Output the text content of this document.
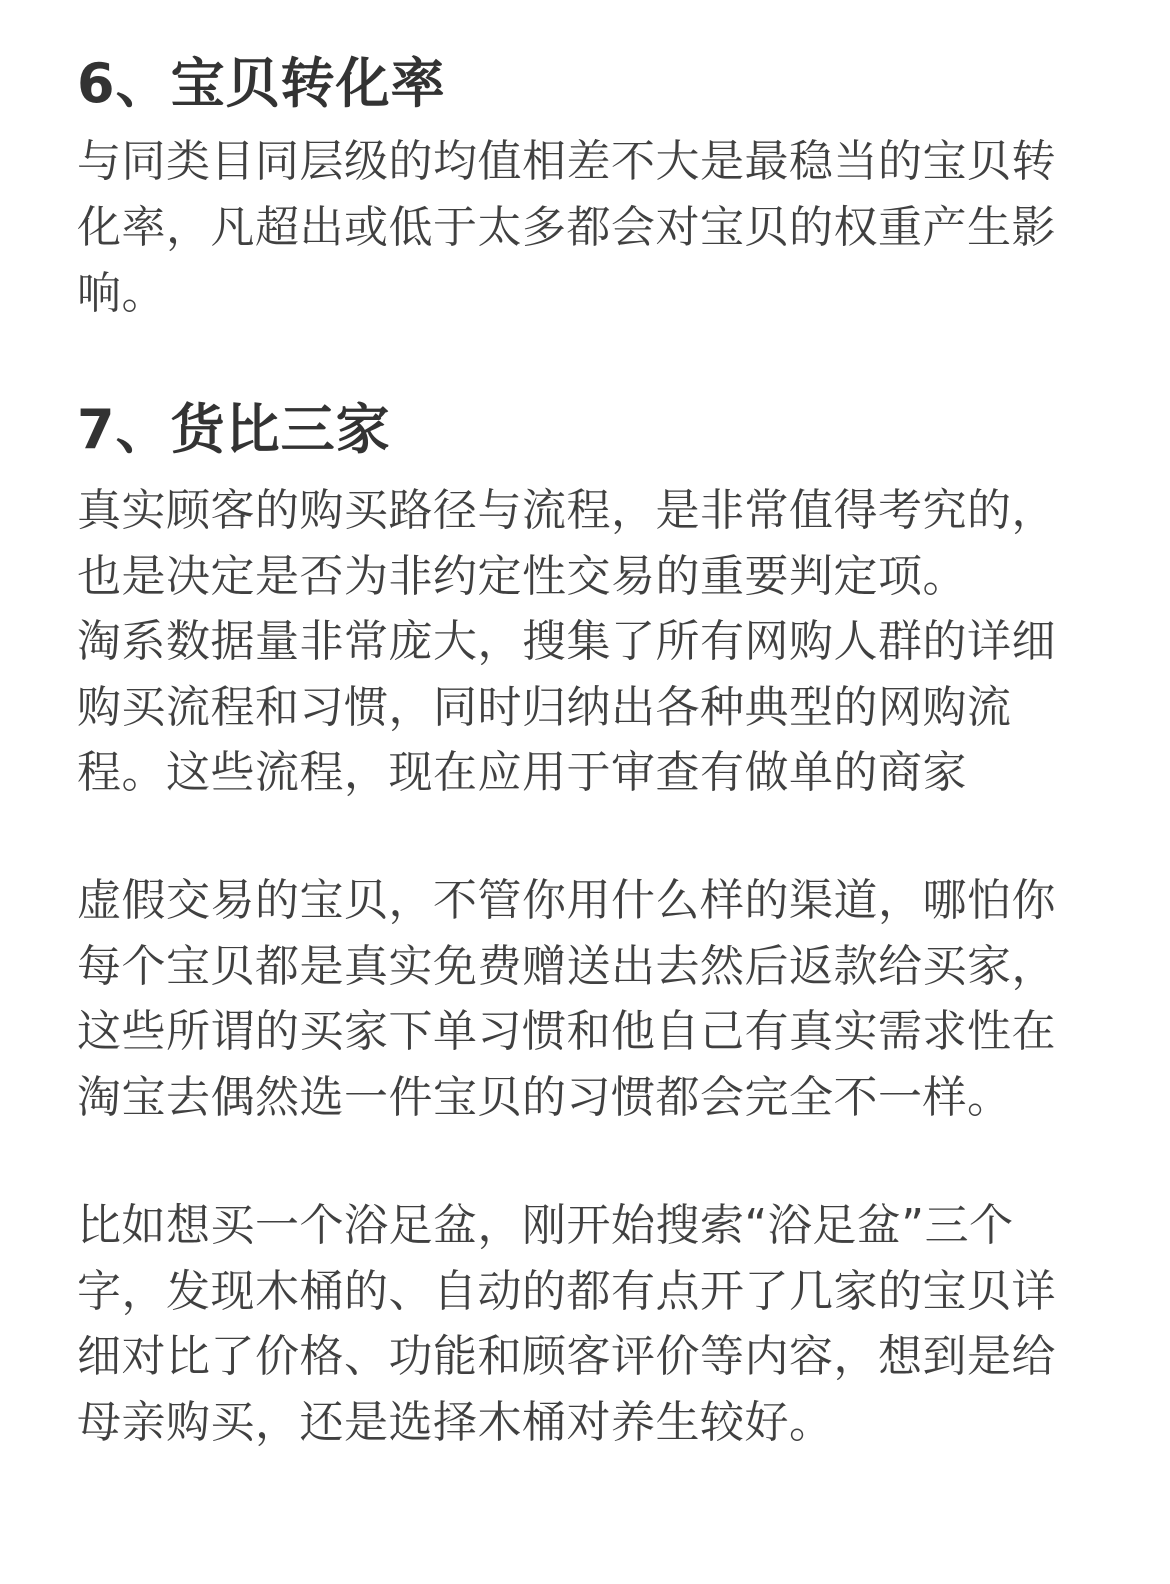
6、宝贝转化率
与同类目同层级的均值相差不大是最稳当的宝贝转
化率，凡超出或低于太多都会对宝贝的权重产生影
响。
7、货比三家
真实顾客的购买路径与流程，是非常值得考究的，
也是决定是否为非约定性交易的重要判定项。
淘系数据量非常庞大，搜集了所有网购人群的详细
购买流程和习惯，同时归纳出各种典型的网购流
程。这些流程，现在应用于审查有做单的商家
虚假交易的宝贝，不管你用什么样的渠道，哪怕你
每个宝贝都是真实免费赠送出去然后返款给买家，
这些所谓的买家下单习惯和他自己有真实需求性在
淘宝去偶然选一件宝贝的习惯都会完全不一样。
比如想买一个浴足盆，刚开始搜索“浴足盆”三个
字，发现木桶的、自动的都有点开了几家的宝贝详
细对比了价格、功能和顾客评价等内容，想到是给
母亲购买，还是选择木桶对养生较好。
